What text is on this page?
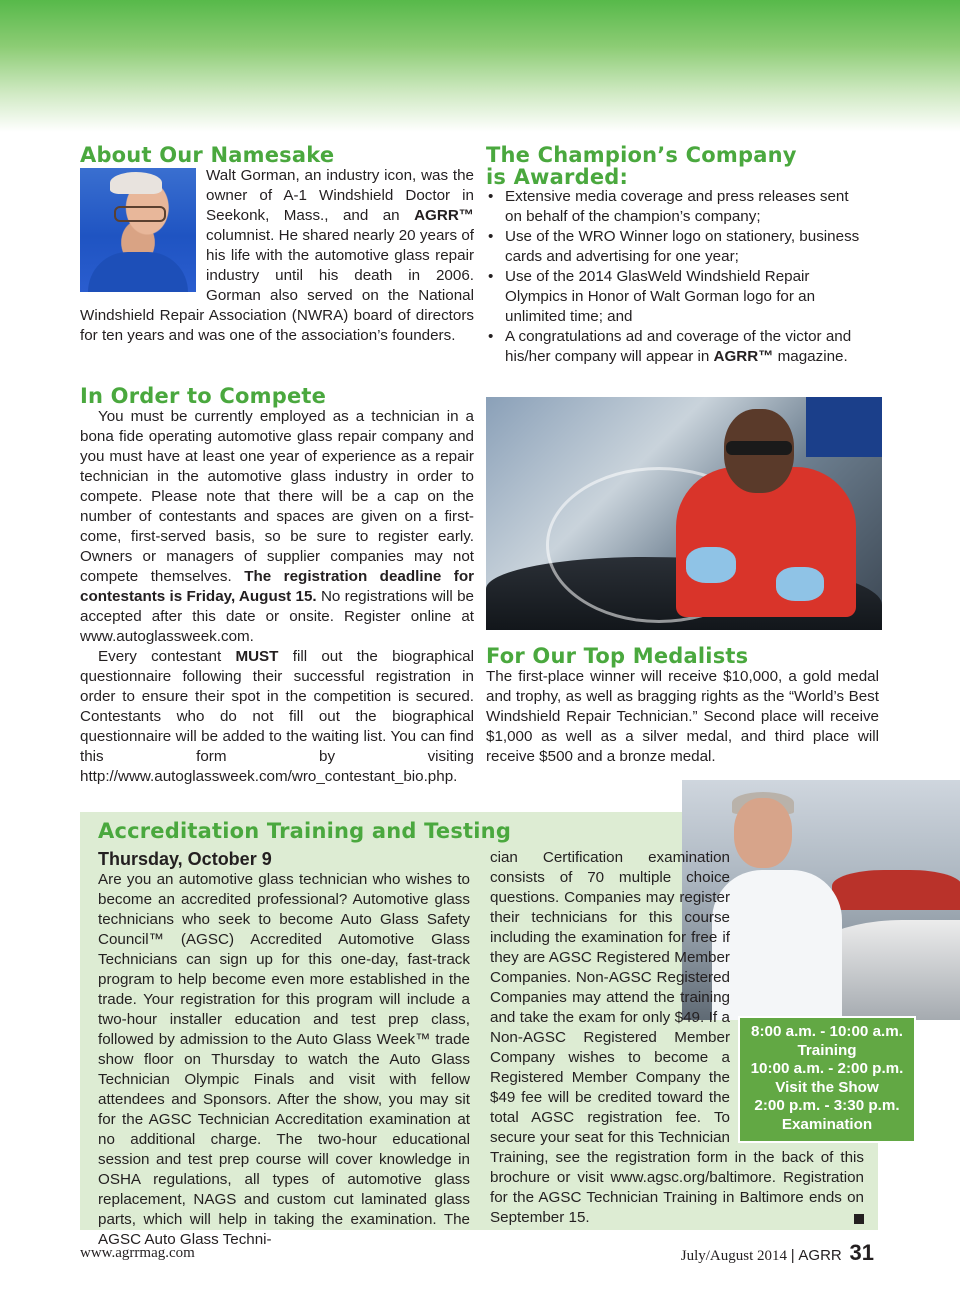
About Our Namesake

Walt Gorman, an industry icon, was the owner of A-1 Windshield Doctor in Seekonk, Mass., and an AGRR™ columnist. He shared nearly 20 years of his life with the automotive glass repair industry until his death in 2006. Gorman also served on the National Windshield Repair Association (NWRA) board of directors for ten years and was one of the association’s founders.

In Order to Compete

You must be currently employed as a technician in a bona fide operating automotive glass repair company and you must have at least one year of experience as a repair technician in the automotive glass industry in order to compete. Please note that there will be a cap on the number of contestants and spaces are given on a first-come, first-served basis, so be sure to register early. Owners or managers of supplier companies may not compete themselves. The registration deadline for contestants is Friday, August 15. No registrations will be accepted after this date or onsite. Register online at www.autoglassweek.com.

Every contestant MUST fill out the biographical questionnaire following their successful registration in order to ensure their spot in the competition is secured. Contestants who do not fill out the biographical questionnaire will be added to the waiting list. You can find this form by visiting http://www.autoglassweek.com/wro_contestant_bio.php.

The Champion’s Company
is Awarded:
• Extensive media coverage and press releases sent on behalf of the champion’s company;
• Use of the WRO Winner logo on stationery, business cards and advertising for one year;
• Use of the 2014 GlasWeld Windshield Repair Olympics in Honor of Walt Gorman logo for an unlimited time; and
• A congratulations ad and coverage of the victor and his/her company will appear in AGRR™ magazine.
For Our Top Medalists

The first-place winner will receive $10,000, a gold medal and trophy, as well as bragging rights as the “World’s Best Windshield Repair Technician.” Second place will receive $1,000 as well as a silver medal, and third place will receive $500 and a bronze medal.

Accreditation Training and Testing

Thursday, October 9

Are you an automotive glass technician who wishes to become an accredited professional? Automotive glass technicians who seek to become Auto Glass Safety Council™ (AGSC) Accredited Automotive Glass Technicians can sign up for this one-day, fast-track program to help become even more established in the trade. Your registration for this program will include a two-hour installer education and test prep class, followed by admission to the Auto Glass Week™ trade show floor on Thursday to watch the Auto Glass Technician Olympic Finals and visit with fellow attendees and Sponsors. After the show, you may sit for the AGSC Technician Accreditation examination at no additional charge. The two-hour educational session and test prep course will cover knowledge in OSHA regulations, all types of automotive glass replacement, NAGS and custom cut laminated glass parts, which will help in taking the examination. The AGSC Auto Glass Techni-
8:00 a.m. - 10:00 a.m.
Training
10:00 a.m. - 2:00 p.m.
Visit the Show
2:00 p.m. - 3:30 p.m.
Examination
cian Certification examination consists of 70 multiple choice questions. Companies may register their technicians for this course including the examination for free if they are AGSC Registered Member Companies. Non-AGSC Registered Companies may attend the training and take the exam for only $49. If a Non-AGSC Registered Member Company wishes to become a Registered Member Company the $49 fee will be credited toward the total AGSC registration fee. To secure your seat for this Technician Training, see the registration form in the back of this brochure or visit www.agsc.org/baltimore. Registration for the AGSC Technician Training in Baltimore ends on September 15.
www.agrrmag.com	July/August 2014 | AGRR 31
